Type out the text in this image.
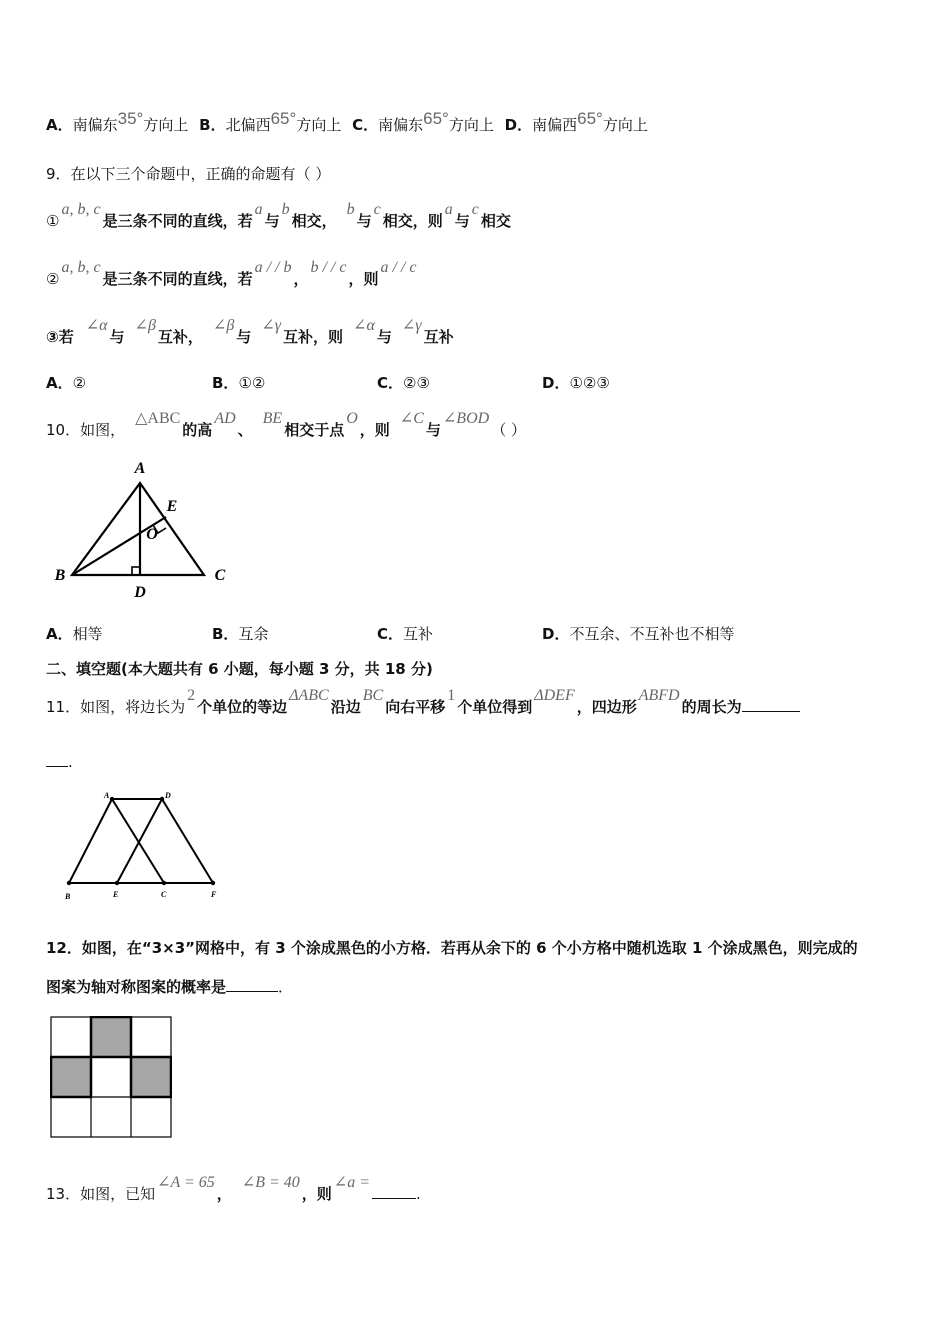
A．南偏东35°方向上 B．北偏西65°方向上 C．南偏东65°方向上 D．南偏西65°方向上
9．在以下三个命题中，正确的命题有（ ）
①a, b, c是三条不同的直线，若a与b相交，b与c相交，则a与c相交
②a, b, c是三条不同的直线，若a / / b，b / / c，则a / / c
③若∠α与∠β互补，∠β与∠γ互补，则∠α与∠γ互补
A．②	B．①②	C．②③	D．①②③
10．如图，△ABC的高AD、BE相交于点O，则∠C与∠BOD（ ）
A
B	C
D
E
O
A．相等	B．互余	C．互补	D．不互余、不互补也不相等
二、填空题(本大题共有 6 小题，每小题 3 分，共 18 分)
11．如图，将边长为2个单位的等边ΔABC沿边BC向右平移1个单位得到ΔDEF，四边形ABFD的周长为
.
A	D
B	E	C	F
12．如图，在“3×3”网格中，有 3 个涂成黑色的小方格．若再从余下的 6 个小方格中随机选取 1 个涂成黑色，则完成的
图案为轴对称图案的概率是	．
13．如图，已知∠A = 65，∠B = 40，则∠a =.
